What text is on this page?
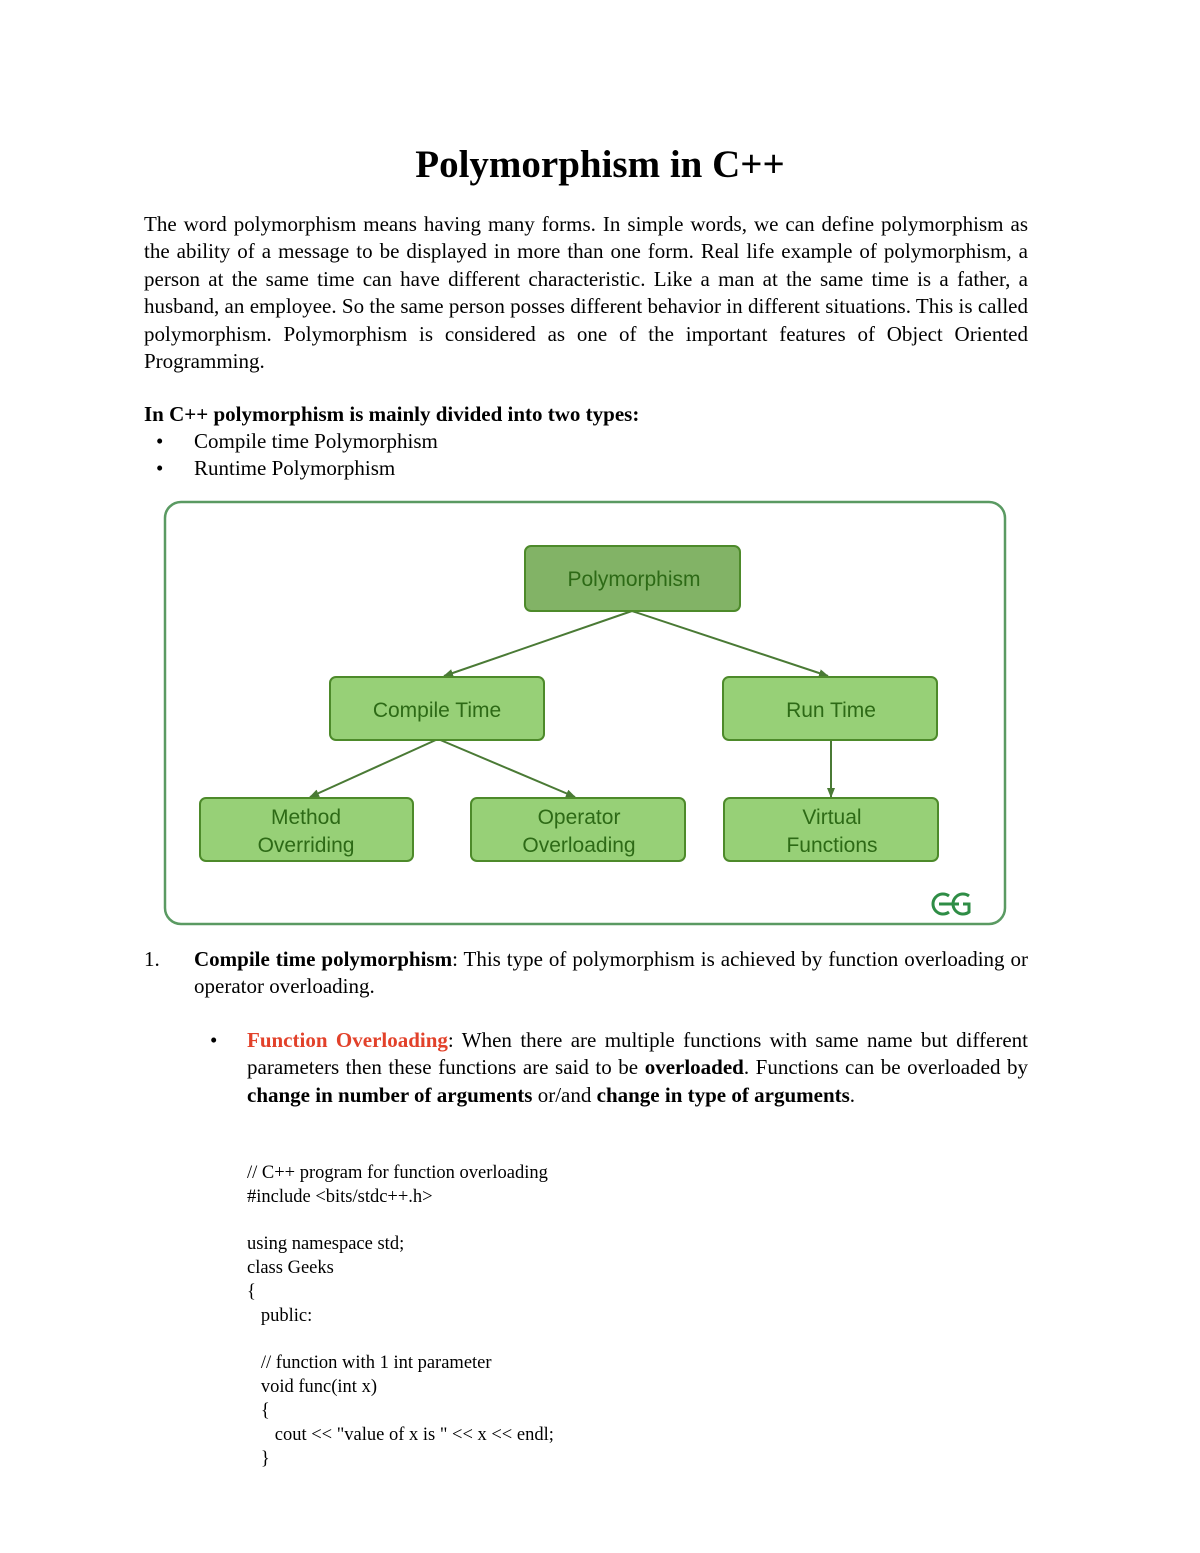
Polymorphism in C++

The word polymorphism means having many forms. In simple words, we can define polymorphism as the ability of a message to be displayed in more than one form. Real life example of polymorphism, a person at the same time can have different characteristic. Like a man at the same time is a father, a husband, an employee. So the same person posses different behavior in different situations. This is called polymorphism. Polymorphism is considered as one of the important features of Object Oriented Programming.

In C++ polymorphism is mainly divided into two types:

• Compile time Polymorphism
• Runtime Polymorphism
Polymorphism
Compile Time	Run Time
Method
Overriding
Operator
Overloading
Virtual
Functions
1.	Compile time polymorphism: This type of polymorphism is achieved by function overloading or operator overloading.
• Function Overloading: When there are multiple functions with same name but different parameters then these functions are said to be overloaded. Functions can be overloaded by change in number of arguments or/and change in type of arguments.
// C++ program for function overloading
#include <bits/stdc++.h>
using namespace std;
class Geeks
{
public:
// function with 1 int parameter
void func(int x)
{
cout << "value of x is " << x << endl;
}
